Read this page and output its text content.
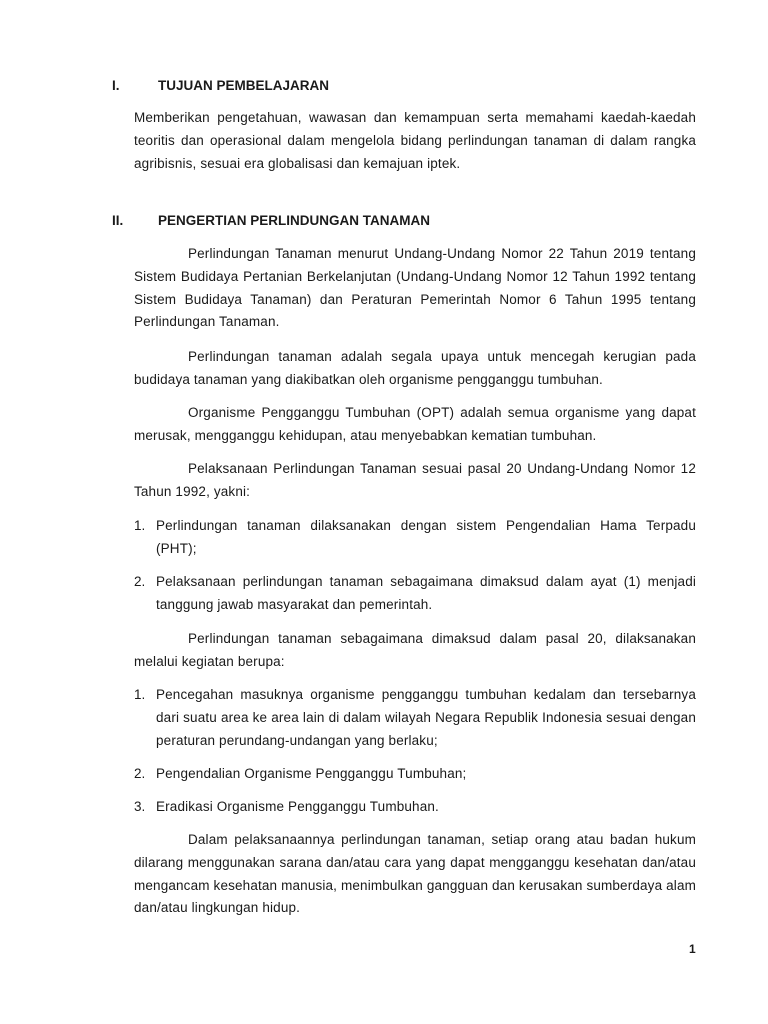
I.	TUJUAN PEMBELAJARAN

Memberikan pengetahuan, wawasan dan kemampuan serta memahami kaedah-kaedah teoritis dan operasional dalam mengelola bidang perlindungan tanaman di dalam rangka agribisnis, sesuai era globalisasi dan kemajuan iptek.

II.	PENGERTIAN PERLINDUNGAN TANAMAN

Perlindungan Tanaman menurut Undang-Undang Nomor 22 Tahun 2019 tentang Sistem Budidaya Pertanian Berkelanjutan (Undang-Undang Nomor 12 Tahun 1992 tentang Sistem Budidaya Tanaman) dan Peraturan Pemerintah Nomor 6 Tahun 1995 tentang Perlindungan Tanaman.

Perlindungan tanaman adalah segala upaya untuk mencegah kerugian pada budidaya tanaman yang diakibatkan oleh organisme pengganggu tumbuhan.

Organisme Pengganggu Tumbuhan (OPT) adalah semua organisme yang dapat merusak, mengganggu kehidupan, atau menyebabkan kematian tumbuhan.

Pelaksanaan Perlindungan Tanaman sesuai pasal 20 Undang-Undang Nomor 12 Tahun 1992, yakni:

1. Perlindungan tanaman dilaksanakan dengan sistem Pengendalian Hama Terpadu (PHT);

2. Pelaksanaan perlindungan tanaman sebagaimana dimaksud dalam ayat (1) menjadi tanggung jawab masyarakat dan pemerintah.

Perlindungan tanaman sebagaimana dimaksud dalam pasal 20, dilaksanakan melalui kegiatan berupa:

1. Pencegahan masuknya organisme pengganggu tumbuhan kedalam dan tersebarnya dari suatu area ke area lain di dalam wilayah Negara Republik Indonesia sesuai dengan peraturan perundang-undangan yang berlaku;

2. Pengendalian Organisme Pengganggu Tumbuhan;

3. Eradikasi Organisme Pengganggu Tumbuhan.

Dalam pelaksanaannya perlindungan tanaman, setiap orang atau badan hukum dilarang menggunakan sarana dan/atau cara yang dapat mengganggu kesehatan dan/atau mengancam kesehatan manusia, menimbulkan gangguan dan kerusakan sumberdaya alam dan/atau lingkungan hidup.

1
